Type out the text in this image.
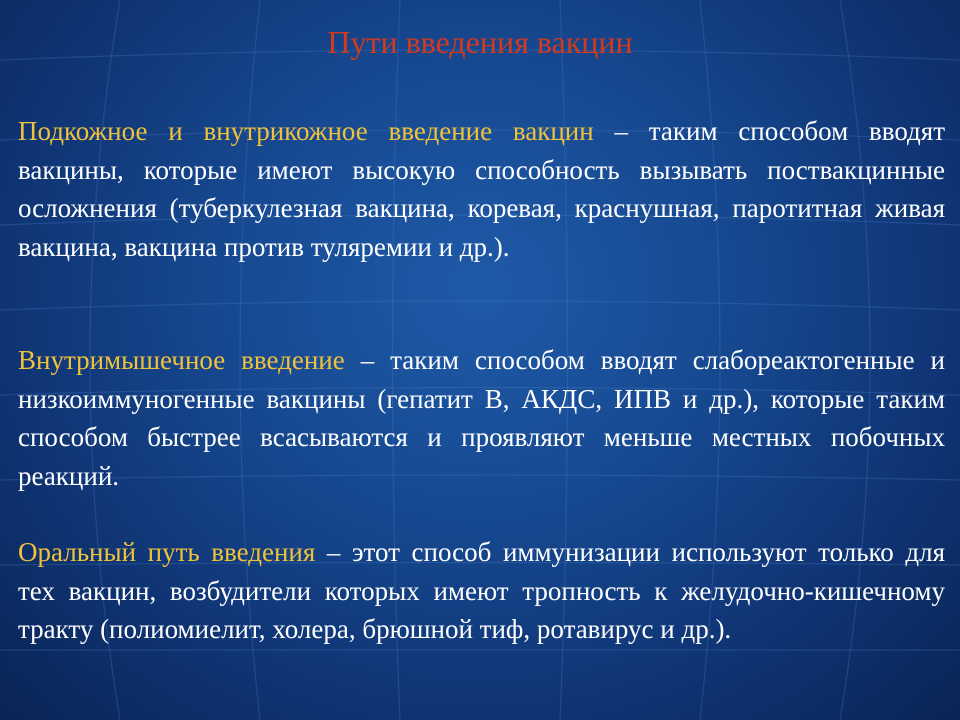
Пути введения вакцин

Подкожное и внутрикожное введение вакцин – таким способом вводят вакцины, которые имеют высокую способность вызывать поствакцинные осложнения (туберкулезная вакцина, коревая, краснушная, паротитная живая вакцина, вакцина против туляремии и др.).

Внутримышечное введение – таким способом вводят слабореактогенные и низкоиммуногенные вакцины (гепатит В, АКДС, ИПВ и др.), которые таким способом быстрее всасываются и проявляют меньше местных побочных реакций.

Оральный путь введения – этот способ иммунизации используют только для тех вакцин, возбудители которых имеют тропность к желудочно-кишечному тракту (полиомиелит, холера, брюшной тиф, ротавирус и др.).
